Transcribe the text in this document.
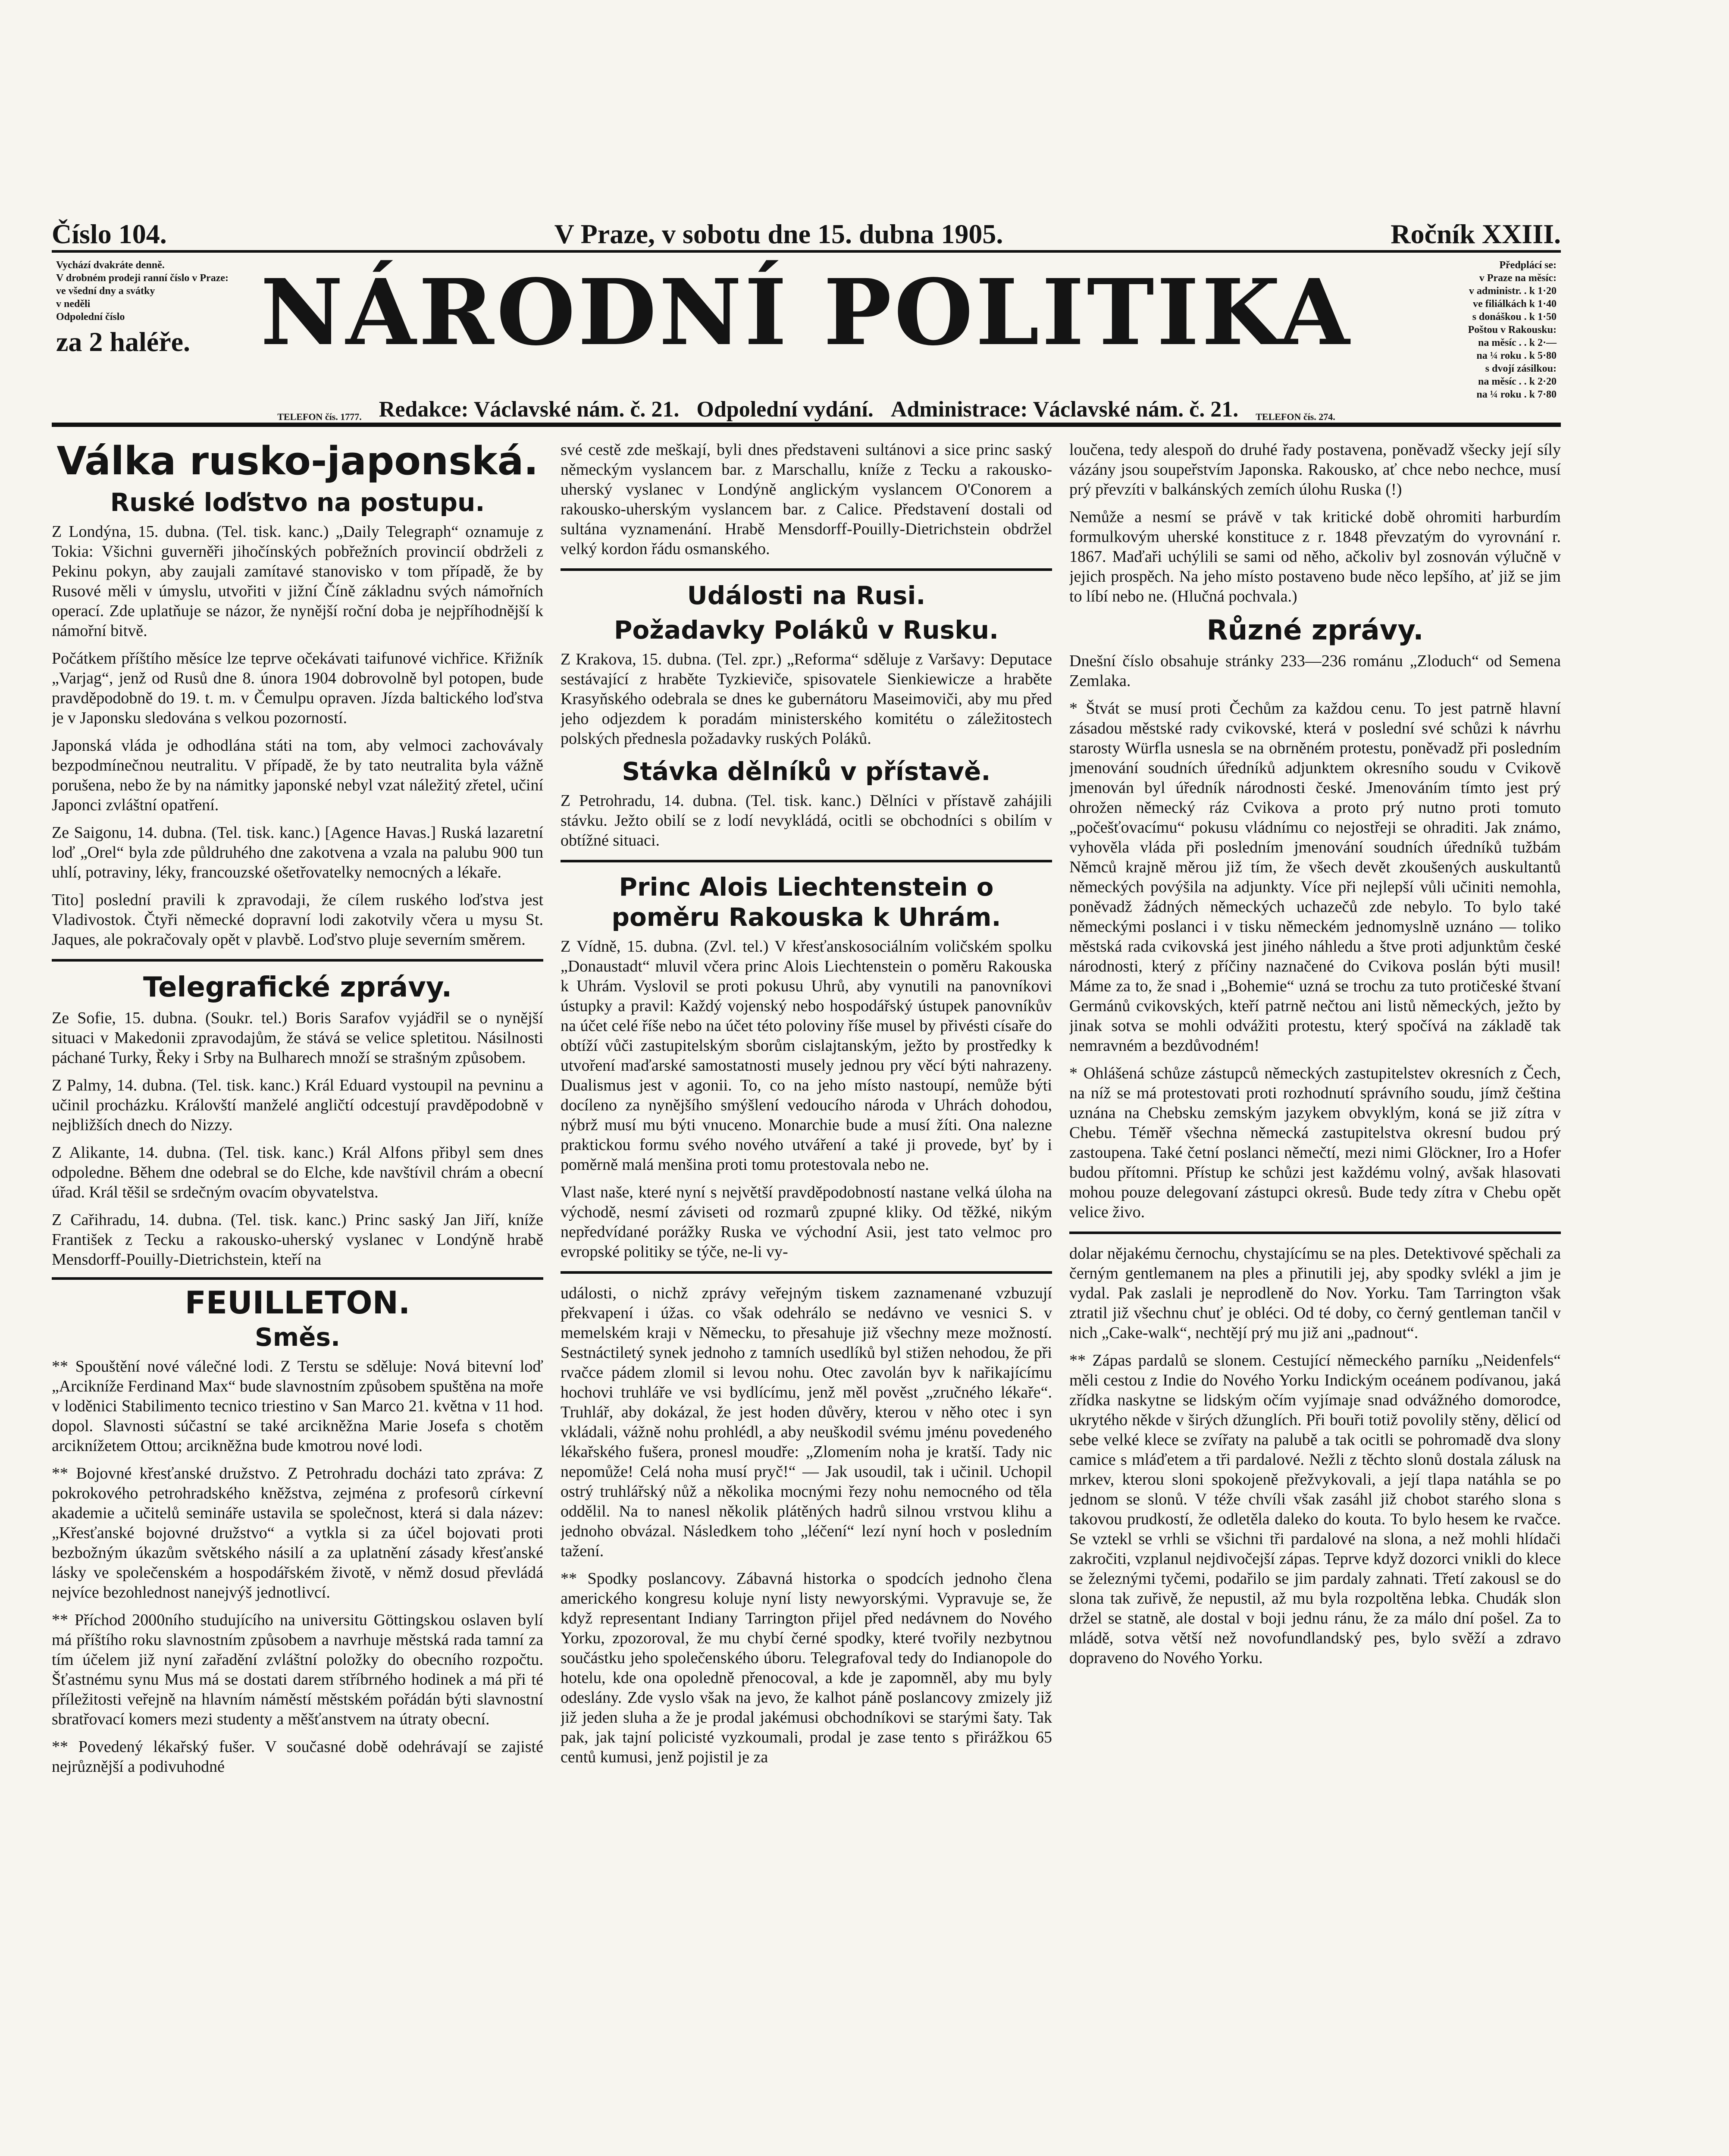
Číslo 104.	V Praze, v sobotu dne 15. dubna 1905.	Ročník XXIII.
Vychází dvakráte denně.
V drobném prodeji ranní číslo v Praze:
ve všední dny a svátky
v neděli
Odpolední číslo
za 2 haléře. NÁRODNÍ POLITIKA	Předplácí se:
v Praze na měsíc:
v administr. . k 1·20
ve filiálkách k 1·40
s donáškou . k 1·50
Poštou v Rakousku:
na měsíc . . k 2·—
na ¼ roku . k 5·80
s dvojí zásilkou:
na měsíc . . k 2·20
na ¼ roku . k 7·80
TELEFON čís. 1777. Redakce: Václavské nám. č. 21. Odpolední vydání. Administrace: Václavské nám. č. 21. TELEFON čís. 274.
Válka rusko-japonská.
Ruské loďstvo na postupu.

Z Londýna, 15. dubna. (Tel. tisk. kanc.) „Daily Telegraph“ oznamuje z Tokia: Všichni guverněři jihočínských pobřežních provincií obdrželi z Pekinu pokyn, aby zaujali zamítavé stanovisko v tom případě, že by Rusové měli v úmyslu, utvořiti v jižní Číně základnu svých námořních operací. Zde uplatňuje se názor, že nynější roční doba je nejpříhodnější k námořní bitvě.

Počátkem příštího měsíce lze teprve očekávati taifunové vichřice. Křižník „Varjag“, jenž od Rusů dne 8. února 1904 dobrovolně byl potopen, bude pravděpodobně do 19. t. m. v Čemulpu opraven. Jízda baltického loďstva je v Japonsku sledována s velkou pozorností.

Japonská vláda je odhodlána státi na tom, aby velmoci zachovávaly bezpodmínečnou neutralitu. V případě, že by tato neutralita byla vážně porušena, nebo že by na námitky japonské nebyl vzat náležitý zřetel, učiní Japonci zvláštní opatření.

Ze Saigonu, 14. dubna. (Tel. tisk. kanc.) [Agence Havas.] Ruská lazaretní loď „Orel“ byla zde půldruhého dne zakotvena a vzala na palubu 900 tun uhlí, potraviny, léky, francouzské ošetřovatelky nemocných a lékaře.

Tito] poslední pravili k zpravodaji, že cílem ruského loďstva jest Vladivostok. Čtyři německé dopravní lodi zakotvily včera u mysu St. Jaques, ale pokračovaly opět v plavbě. Loďstvo pluje severním směrem.

Telegrafické zprávy.

Ze Sofie, 15. dubna. (Soukr. tel.) Boris Sarafov vyjádřil se o nynější situaci v Makedonii zpravodajům, že stává se velice spletitou. Násilnosti páchané Turky, Řeky i Srby na Bulharech množí se strašným způsobem.

Z Palmy, 14. dubna. (Tel. tisk. kanc.) Král Eduard vystoupil na pevninu a učinil procházku. Královští manželé angličtí odcestují pravděpodobně v nejbližších dnech do Nizzy.

Z Alikante, 14. dubna. (Tel. tisk. kanc.) Král Alfons přibyl sem dnes odpoledne. Během dne odebral se do Elche, kde navštívil chrám a obecní úřad. Král těšil se srdečným ovacím obyvatelstva.

Z Cařihradu, 14. dubna. (Tel. tisk. kanc.) Princ saský Jan Jiří, kníže František z Tecku a rakousko-uherský vyslanec v Londýně hrabě Mensdorff-Pouilly-Dietrichstein, kteří na

FEUILLETON.
Směs.

** Spouštění nové válečné lodi. Z Terstu se sděluje: Nová bitevní loď „Arcikníže Ferdinand Max“ bude slavnostním způsobem spuštěna na moře v loděnici Stabilimento tecnico triestino v San Marco 21. května v 11 hod. dopol. Slavnosti súčastní se také arcikněžna Marie Josefa s chotěm arciknížetem Ottou; arcikněžna bude kmotrou nové lodi.

** Bojovné křesťanské družstvo. Z Petrohradu docházi tato zpráva: Z pokrokového petrohradského kněžstva, zejména z profesorů církevní akademie a učitelů semináře ustavila se společnost, která si dala název: „Křesťanské bojovné družstvo“ a vytkla si za účel bojovati proti bezbožným úkazům světského násilí a za uplatnění zásady křesťanské lásky ve společenském a hospodářském životě, v němž dosud převládá nejvíce bezohlednost nanejvýš jednotlivcí.

** Příchod 2000ního studujícího na universitu Göttingskou oslaven bylí má příštího roku slavnostním způsobem a navrhuje městská rada tamní za tím účelem již nyní zařadění zvláštní položky do obecního rozpočtu. Šťastnému synu Mus má se dostati darem stříbrného hodinek a má při té příležitosti veřejně na hlavním náměstí městském pořádán býti slavnostní sbratřovací komers mezi studenty a měšťanstvem na útraty obecní.

** Povedený lékařský fušer. V současné době odehrávají se zajisté nejrůznější a podivuhodné

své cestě zde meškají, byli dnes představeni sultánovi a sice princ saský německým vyslancem bar. z Marschallu, kníže z Tecku a rakousko-uherský vyslanec v Londýně anglickým vyslancem O'Conorem a rakousko-uherským vyslancem bar. z Calice. Představení dostali od sultána vyznamenání. Hrabě Mensdorff-Pouilly-Dietrichstein obdržel velký kordon řádu osmanského.

Události na Rusi.
Požadavky Poláků v Rusku.

Z Krakova, 15. dubna. (Tel. zpr.) „Reforma“ sděluje z Varšavy: Deputace sestávající z hraběte Tyzkieviče, spisovatele Sienkiewicze a hraběte Krasyňského odebrala se dnes ke gubernátoru Maseimoviči, aby mu před jeho odjezdem k poradám ministerského komitétu o záležitostech polských přednesla požadavky ruských Poláků.

Stávka dělníků v přístavě.

Z Petrohradu, 14. dubna. (Tel. tisk. kanc.) Dělníci v přístavě zahájili stávku. Ježto obilí se z lodí nevykládá, ocitli se obchodníci s obilím v obtížné situaci.

Princ Alois Liechtenstein o poměru Rakouska k Uhrám.

Z Vídně, 15. dubna. (Zvl. tel.) V křesťanskosociálním voličském spolku „Donaustadt“ mluvil včera princ Alois Liechtenstein o poměru Rakouska k Uhrám. Vyslovil se proti pokusu Uhrů, aby vynutili na panovníkovi ústupky a pravil: Každý vojenský nebo hospodářský ústupek panovníkův na účet celé říše nebo na účet této poloviny říše musel by přivésti císaře do obtíží vůči zastupitelským sborům cislajtanským, ježto by prostředky k utvoření maďarské samostatnosti musely jednou pry věcí býti nahrazeny. Dualismus jest v agonii. To, co na jeho místo nastoupí, nemůže býti docíleno za nynějšího smýšlení vedoucího národa v Uhrách dohodou, nýbrž musí mu býti vnuceno. Monarchie bude a musí žíti. Ona nalezne praktickou formu svého nového utváření a také ji provede, byť by i poměrně malá menšina proti tomu protestovala nebo ne.

Vlast naše, které nyní s největší pravděpodobností nastane velká úloha na východě, nesmí záviseti od rozmarů zpupné kliky. Od těžké, nikým nepředvídané porážky Ruska ve východní Asii, jest tato velmoc pro evropské politiky se týče, ne-li vy-

události, o nichž zprávy veřejným tiskem zaznamenané vzbuzují překvapení i úžas. co však odehrálo se nedávno ve vesnici S. v memelském kraji v Německu, to přesahuje již všechny meze možností. Sestnáctiletý synek jednoho z tamních usedlíků byl stižen nehodou, že při rvačce pádem zlomil si levou nohu. Otec zavolán byv k nařikajícímu hochovi truhláře ve vsi bydlícímu, jenž měl pověst „zručného lékaře“. Truhlář, aby dokázal, že jest hoden důvěry, kterou v něho otec i syn vkládali, vážně nohu prohlédl, a aby neuškodil svému jménu povedeného lékařského fušera, pronesl moudře: „Zlomením noha je kratší. Tady nic nepomůže! Celá noha musí pryč!“ — Jak usoudil, tak i učinil. Uchopil ostrý truhlářský nůž a několika mocnými řezy nohu nemocného od těla oddělil. Na to nanesl několik plátěných hadrů silnou vrstvou klihu a jednoho obvázal. Následkem toho „léčení“ lezí nyní hoch v posledním tažení.

** Spodky poslancovy. Zábavná historka o spodcích jednoho člena amerického kongresu koluje nyní listy newyorskými. Vypravuje se, že když representant Indiany Tarrington přijel před nedávnem do Nového Yorku, zpozoroval, že mu chybí černé spodky, které tvořily nezbytnou součástku jeho společenského úboru. Telegrafoval tedy do Indianopole do hotelu, kde ona opoledně přenocoval, a kde je zapomněl, aby mu byly odeslány. Zde vyslo však na jevo, že kalhot páně poslancovy zmizely již již jeden sluha a že je prodal jakémusi obchodníkovi se starými šaty. Tak pak, jak tajní policisté vyzkoumali, prodal je zase tento s přirážkou 65 centů kumusi, jenž pojistil je za

loučena, tedy alespoň do druhé řady postavena, poněvadž všecky její síly vázány jsou soupeřstvím Japonska. Rakousko, ať chce nebo nechce, musí prý převzíti v balkánských zemích úlohu Ruska (!)

Nemůže a nesmí se právě v tak kritické době ohromiti harburdím formulkovým uherské konstituce z r. 1848 převzatým do vyrovnání r. 1867. Maďaři uchýlili se sami od něho, ačkoliv byl zosnován výlučně v jejich prospěch. Na jeho místo postaveno bude něco lepšího, ať již se jim to líbí nebo ne. (Hlučná pochvala.)

Různé zprávy.

Dnešní číslo obsahuje stránky 233—236 románu „Zloduch“ od Semena Zemlaka.

* Štvát se musí proti Čechům za každou cenu. To jest patrně hlavní zásadou městské rady cvikovské, která v poslední své schůzi k návrhu starosty Würfla usnesla se na obrněném protestu, poněvadž při posledním jmenování soudních úředníků adjunktem okresního soudu v Cvikově jmenován byl úředník národnosti české. Jmenováním tímto jest prý ohrožen německý ráz Cvikova a proto prý nutno proti tomuto „počešťovacímu“ pokusu vládnímu co nejostřeji se ohraditi. Jak známo, vyhověla vláda při posledním jmenování soudních úředníků tužbám Němců krajně měrou již tím, že všech devět zkoušených auskultantů německých povýšila na adjunkty. Více při nejlepší vůli učiniti nemohla, poněvadž žádných německých uchazečů zde nebylo. To bylo také německými poslanci i v tisku německém jednomyslně uznáno — toliko městská rada cvikovská jest jiného náhledu a štve proti adjunktům české národnosti, který z příčiny naznačené do Cvikova poslán býti musil! Máme za to, že snad i „Bohemie“ uzná se trochu za tuto protičeské štvaní Germánů cvikovských, kteří patrně nečtou ani listů německých, ježto by jinak sotva se mohli odvážiti protestu, který spočívá na základě tak nemravném a bezdůvodném!

* Ohlášená schůze zástupců německých zastupitelstev okresních z Čech, na níž se má protestovati proti rozhodnutí správního soudu, jímž čeština uznána na Chebsku zemským jazykem obvyklým, koná se již zítra v Chebu. Téměř všechna německá zastupitelstva okresní budou prý zastoupena. Také četní poslanci němečtí, mezi nimi Glöckner, Iro a Hofer budou přítomni. Přístup ke schůzi jest každému volný, avšak hlasovati mohou pouze delegovaní zástupci okresů. Bude tedy zítra v Chebu opět velice živo.

dolar nějakému černochu, chystajícímu se na ples. Detektivové spěchali za černým gentlemanem na ples a přinutili jej, aby spodky svlékl a jim je vydal. Pak zaslali je neprodleně do Nov. Yorku. Tam Tarrington však ztratil již všechnu chuť je obléci. Od té doby, co černý gentleman tančil v nich „Cake-walk“, nechtějí prý mu již ani „padnout“.

** Zápas pardalů se slonem. Cestující německého parníku „Neidenfels“ měli cestou z Indie do Nového Yorku Indickým oceánem podívanou, jaká zřídka naskytne se lidským očím vyjímaje snad odvážného domorodce, ukrytého někde v širých džunglích. Při bouři totiž povolily stěny, dělicí od sebe velké klece se zvířaty na palubě a tak ocitli se pohromadě dva slony camice s mláďetem a tři pardalové. Nežli z těchto slonů dostala zálusk na mrkev, kterou sloni spokojeně přežvykovali, a její tlapa natáhla se po jednom se slonů. V téže chvíli však zasáhl již chobot starého slona s takovou prudkostí, že odletěla daleko do kouta. To bylo hesem ke rvačce. Se vztekl se vrhli se všichni tři pardalové na slona, a než mohli hlídači zakročiti, vzplanul nejdivočejší zápas. Teprve když dozorci vnikli do klece se železnými tyčemi, podařilo se jim pardaly zahnati. Třetí zakousl se do slona tak zuřivě, že nepustil, až mu byla rozpoltěna lebka. Chudák slon držel se statně, ale dostal v boji jednu ránu, že za málo dní pošel. Za to mládě, sotva větší než novofundlandský pes, bylo svěží a zdravo dopraveno do Nového Yorku.
